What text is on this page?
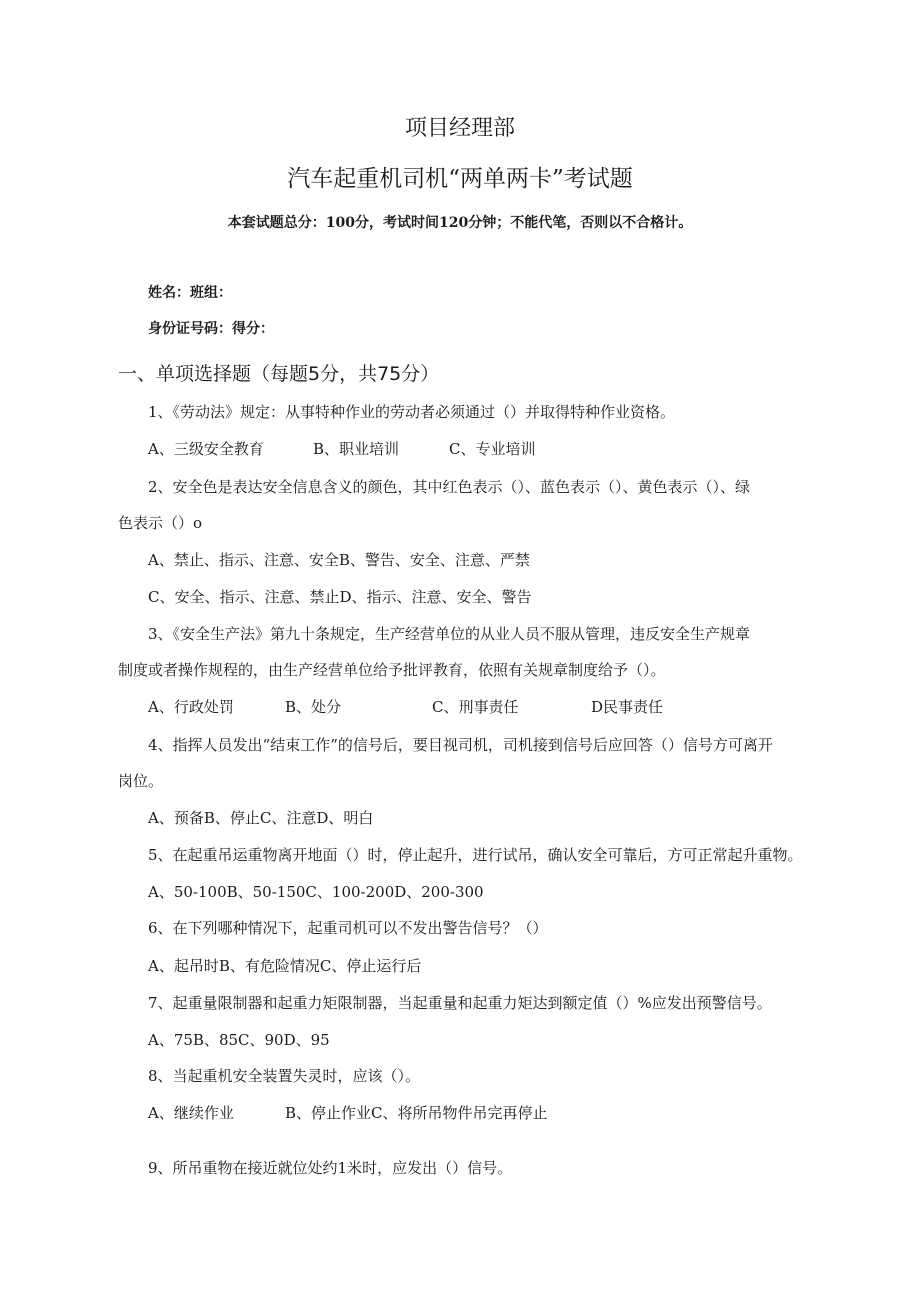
项目经理部
汽车起重机司机“两单两卡”考试题
本套试题总分：100分，考试时间120分钟；不能代笔，否则以不合格计。
姓名：班组：
身份证号码：得分：
一、单项选择题（每题5分，共75分）
1、《劳动法》规定：从事特种作业的劳动者必须通过（）并取得特种作业资格。
A、三级安全教育	B、职业培训	C、专业培训
2、安全色是表达安全信息含义的颜色，其中红色表示（）、蓝色表示（）、黄色表示（）、绿
色表示（）o
A、禁止、指示、注意、安全B、警告、安全、注意、严禁
C、安全、指示、注意、禁止D、指示、注意、安全、警告
3、《安全生产法》第九十条规定，生产经营单位的从业人员不服从管理，违反安全生产规章
制度或者操作规程的，由生产经营单位给予批评教育，依照有关规章制度给予（）。
A、行政处罚	B、处分	C、刑事责任	D民事责任
4、指挥人员发出“结束工作”的信号后，要目视司机，司机接到信号后应回答（）信号方可离开
岗位。
A、预备B、停止C、注意D、明白
5、在起重吊运重物离开地面（）时，停止起升，进行试吊，确认安全可靠后，方可正常起升重物。
A、50-100B、50-150C、100-200D、200-300
6、在下列哪种情况下，起重司机可以不发出警告信号？（）
A、起吊时B、有危险情况C、停止运行后
7、起重量限制器和起重力矩限制器，当起重量和起重力矩达到额定值（）%应发出预警信号。
A、75B、85C、90D、95
8、当起重机安全装置失灵时，应该（）。
A、继续作业	B、停止作业C、将所吊物件吊完再停止
9、所吊重物在接近就位处约1米时，应发出（）信号。
